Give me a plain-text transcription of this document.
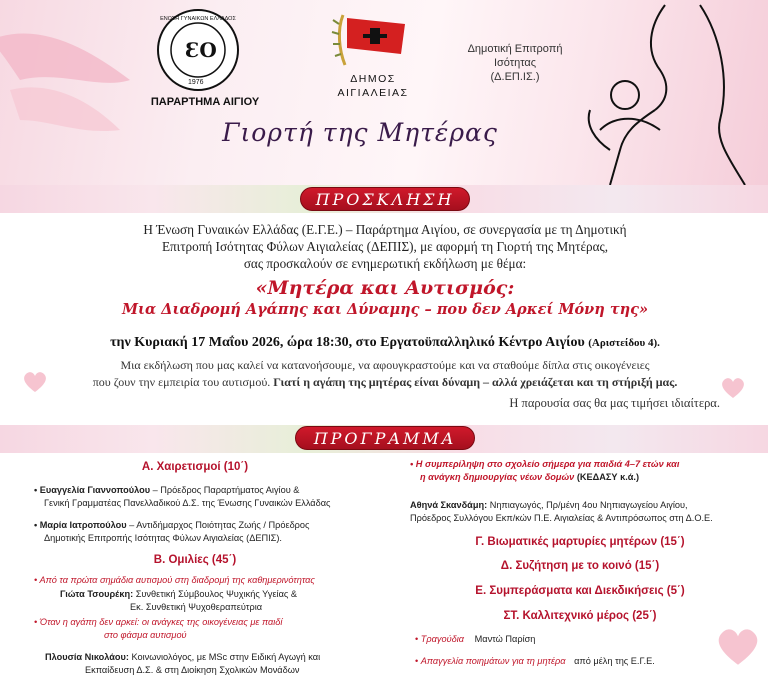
ƐO
1976
ΕΝΩΣΗ ΓΥΝΑΙΚΩΝ ΕΛΛΑΔΟΣ
ΠΑΡΑΡΤΗΜΑ ΑΙΓΙΟΥ
ΔΗΜΟΣ
ΑΙΓΙΑΛΕΙΑΣ
Δημοτική Επιτροπή
Ισότητας
(Δ.ΕΠ.ΙΣ.)
Γιορτή της Μητέρας
ΠΡΟΣΚΛΗΣΗ
Η Ένωση Γυναικών Ελλάδας (Ε.Γ.Ε.) – Παράρτημα Αιγίου, σε συνεργασία με τη Δημοτική
Επιτροπή Ισότητας Φύλων Αιγιαλείας (ΔΕΠΙΣ), με αφορμή τη Γιορτή της Μητέρας,
σας προσκαλούν σε ενημερωτική εκδήλωση με θέμα:
«Μητέρα και Αυτισμός:
Μια Διαδρομή Αγάπης και Δύναμης – που δεν Αρκεί Μόνη της»
την Κυριακή 17 Μαΐου 2026, ώρα 18:30, στο Εργατοϋπαλληλικό Κέντρο Αιγίου (Αριστείδου 4).
Μια εκδήλωση που μας καλεί να κατανοήσουμε, να αφουγκραστούμε και να σταθούμε δίπλα στις οικογένειες
που ζουν την εμπειρία του αυτισμού. Γιατί η αγάπη της μητέρας είναι δύναμη – αλλά χρειάζεται και τη στήριξή μας.
Η παρουσία σας θα μας τιμήσει ιδιαίτερα.
ΠΡΟΓΡΑΜΜΑ
Α. Χαιρετισμοί (10΄)
• Ευαγγελία Γιαννοπούλου – Πρόεδρος Παραρτήματος Αιγίου &
Γενική Γραμματέας Πανελλαδικού Δ.Σ. της Ένωσης Γυναικών Ελλάδας
• Μαρία Ιατροπούλου – Αντιδήμαρχος Ποιότητας Ζωής / Πρόεδρος
Δημοτικής Επιτροπής Ισότητας Φύλων Αιγιαλείας (ΔΕΠΙΣ).
Β. Ομιλίες (45΄)
• Από τα πρώτα σημάδια αυτισμού στη διαδρομή της καθημερινότητας
Γιώτα Τσουρέκη: Συνθετική Σύμβουλος Ψυχικής Υγείας &
Εκ. Συνθετική Ψυχοθεραπεύτρια
• Όταν η αγάπη δεν αρκεί: οι ανάγκες της οικογένειας με παιδί
στο φάσμα αυτισμού
Πλουσία Νικολάου: Κοινωνιολόγος, με MSc στην Ειδική Αγωγή και
Εκπαίδευση Δ.Σ. & στη Διοίκηση Σχολικών Μονάδων
• Η συμπερίληψη στο σχολείο σήμερα για παιδιά 4–7 ετών και
η ανάγκη δημιουργίας νέων δομών (ΚΕΔΑΣΥ κ.ά.)
Αθηνά Σκανδάμη: Νηπιαγωγός, Πρ/μένη 4ου Νηπιαγωγείου Αιγίου,
Πρόεδρος Συλλόγου Εκπ/κών Π.Ε. Αιγιαλείας & Αντιπρόσωπος στη Δ.Ο.Ε.
Γ. Βιωματικές μαρτυρίες μητέρων (15΄)
Δ. Συζήτηση με το κοινό (15΄)
Ε. Συμπεράσματα και Διεκδικήσεις (5΄)
ΣΤ. Καλλιτεχνικό μέρος (25΄)
• Τραγούδια Μαντώ Παρίση
• Απαγγελία ποιημάτων για τη μητέρα από μέλη της Ε.Γ.Ε.
